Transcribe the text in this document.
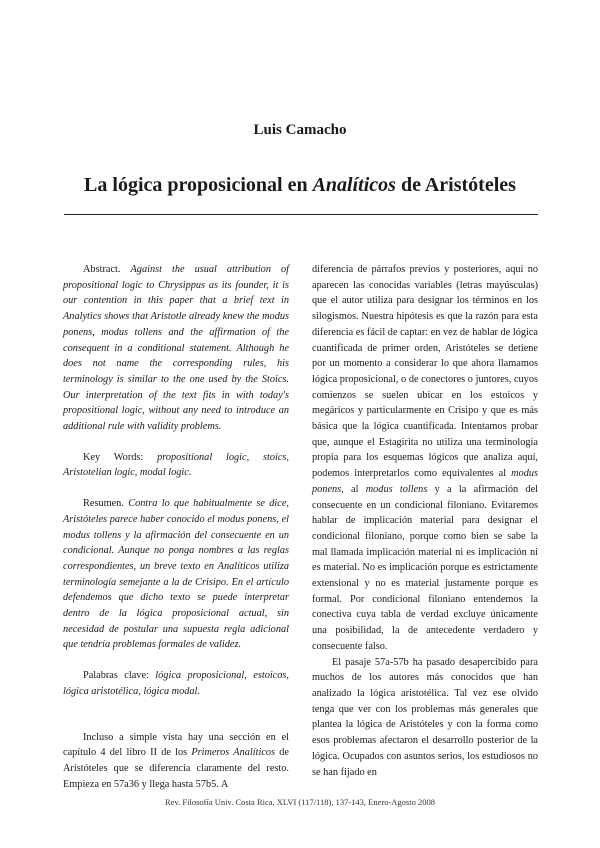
Luis Camacho
La lógica proposicional en Analíticos de Aristóteles

Abstract. Against the usual attribution of propositional logic to Chrysippus as its founder, it is our contention in this paper that a brief text in Analytics shows that Aristotle already knew the modus ponens, modus tollens and the affirmation of the consequent in a conditional statement. Although he does not name the corresponding rules, his terminology is similar to the one used by the Stoics. Our interpretation of the text fits in with today's propositional logic, without any need to introduce an additional rule with validity problems.

Key Words: propositional logic, stoics, Aristotelian logic, modal logic.

Resumen. Contra lo que habitualmente se dice, Aristóteles parece haber conocido el modus ponens, el modus tollens y la afirmación del consecuente en un condicional. Aunque no ponga nombres a las reglas correspondientes, un breve texto en Analíticos utiliza terminología semejante a la de Crisipo. En el artículo defendemos que dicho texto se puede interpretar dentro de la lógica proposicional actual, sin necesidad de postular una supuesta regla adicional que tendría problemas formales de validez.

Palabras clave: lógica proposicional, estoicos, lógica aristotélica, lógica modal.

Incluso a simple vista hay una sección en el capítulo 4 del libro II de los Primeros Analíticos de Aristóteles que se diferencia claramente del resto. Empieza en 57a36 y llega hasta 57b5. A

diferencia de párrafos previos y posteriores, aquí no aparecen las conocidas variables (letras mayúsculas) que el autor utiliza para designar los términos en los silogismos. Nuestra hipótesis es que la razón para esta diferencia es fácil de captar: en vez de hablar de lógica cuantificada de primer orden, Aristóteles se detiene por un momento a considerar lo que ahora llamamos lógica proposicional, o de conectores o juntores, cuyos comienzos se suelen ubicar en los estoicos y megáricos y particularmente en Crisipo y que es más básica que la lógica cuantificada. Intentamos probar que, aunque el Estagirita no utiliza una terminología propia para los esquemas lógicos que analiza aquí, podemos interpretarlos como equivalentes al modus ponens, al modus tollens y a la afirmación del consecuente en un condicional filoniano. Evitaremos hablar de implicación material para designar el condicional filoniano, porque como bien se sabe la mal llamada implicación material ni es implicación ni es material. No es implicación porque es estrictamente extensional y no es material justamente porque es formal. Por condicional filoniano entendemos la conectiva cuya tabla de verdad excluye únicamente una posibilidad, la de antecedente verdadero y consecuente falso.

El pasaje 57a-57b ha pasado desapercibido para muchos de los autores más conocidos que han analizado la lógica aristotélica. Tal vez ese olvido tenga que ver con los problemas más generales que plantea la lógica de Aristóteles y con la forma como esos problemas afectaron el desarrollo posterior de la lógica. Ocupados con asuntos serios, los estudiosos no se han fijado en

Rev. Filosofía Univ. Costa Rica, XLVI (117/118), 137-143, Enero-Agosto 2008
